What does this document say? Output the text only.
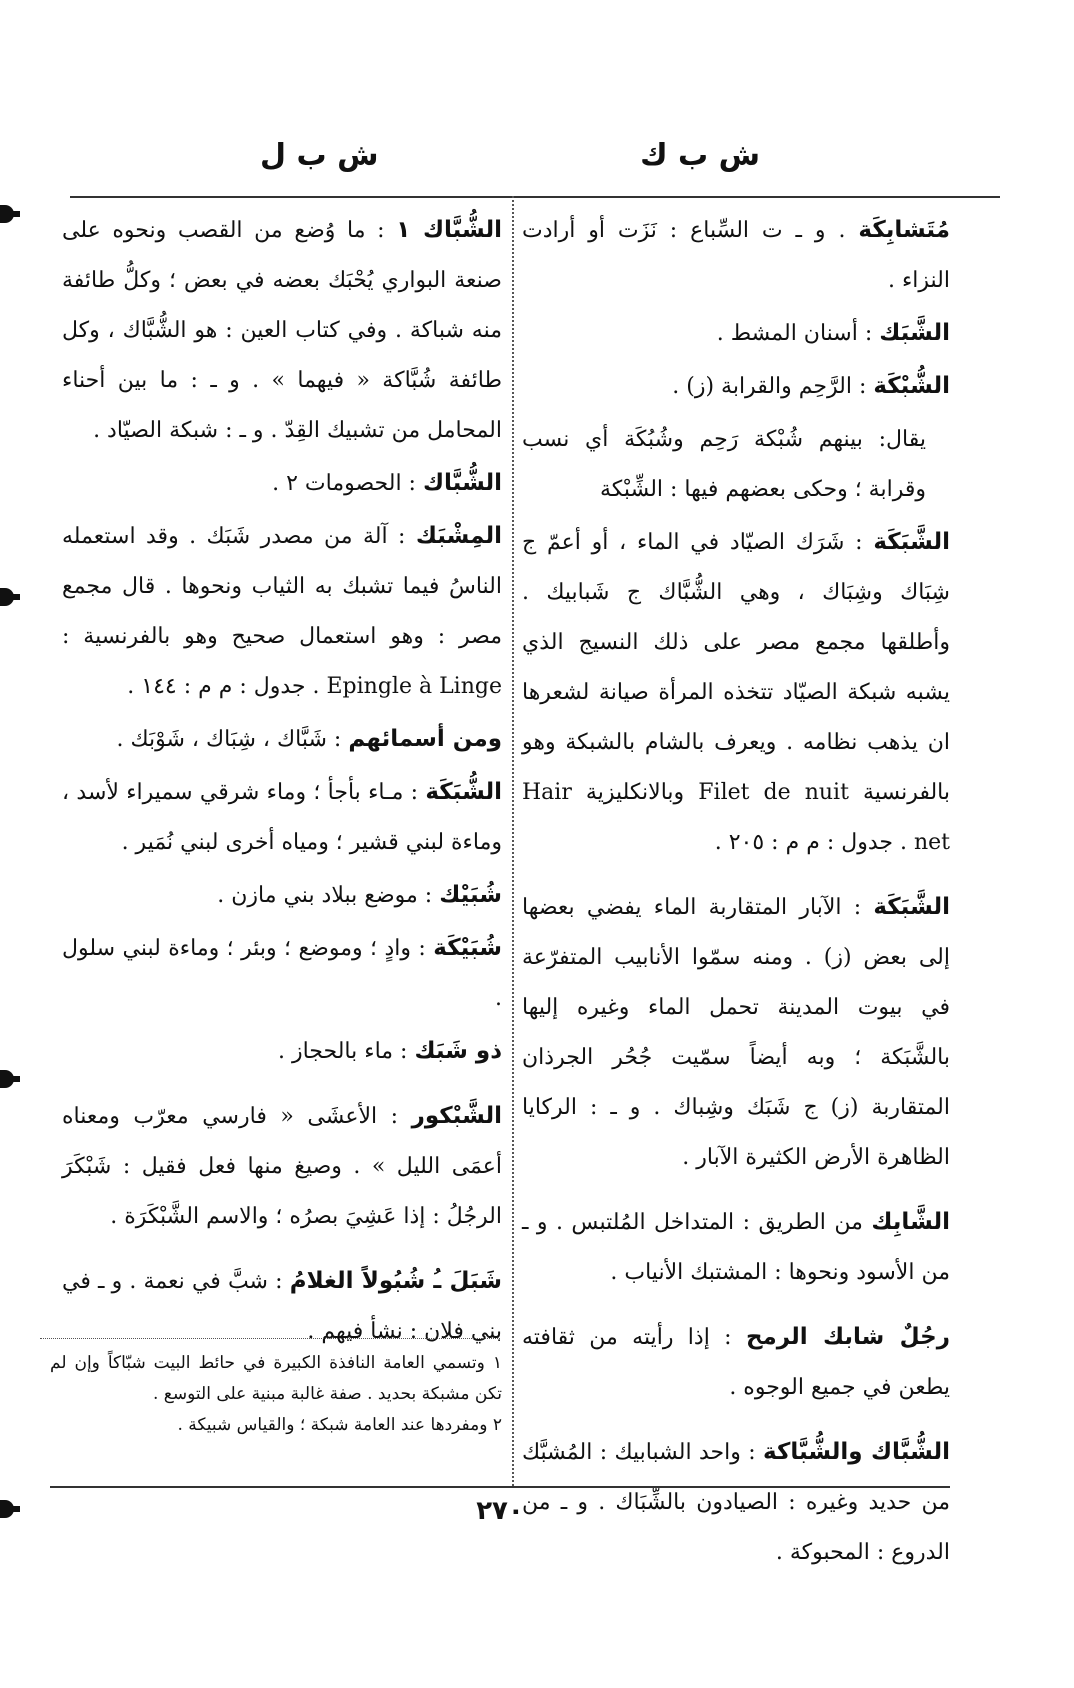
ش ب ك
ش ب ل

مُتَشابِكَة . و ـ ت السِّباع : نَزَت أو أرادت النزاء .

الشَّبَك : أسنان المشط .

الشُّبْكَة : الرَّحِم والقرابة (ز) .

يقال: بينهم شُبْكة رَحِم وشُبُكَة أي نسب وقرابة ؛ وحكى بعضهم فيها : الشِّبْكة

الشَّبَكَة : شَرَك الصيّاد في الماء ، أو أعمّ ج شِبَاك وشِبَاك ، وهي الشُّبَّاك ج شَبابيك . وأطلقها مجمع مصر على ذلك النسيج الذي يشبه شبكة الصيّاد تتخذه المرأة صيانة لشعرها ان يذهب نظامه . ويعرف بالشام بالشبكة وهو بالفرنسية Filet de nuit وبالانكليزية Hair net . جدول : م م : ٢٠٥ .

الشَّبَكَة : الآبار المتقاربة الماء يفضي بعضها إلى بعض (ز) . ومنه سمّوا الأنابيب المتفرّعة في بيوت المدينة تحمل الماء وغيره إليها بالشَّبَكة ؛ وبه أيضاً سمّيت جُحُر الجرذان المتقاربة (ز) ج شَبَك وشِباك . و ـ : الركايا الظاهرة الأرض الكثيرة الآبار .

الشَّابِك من الطريق : المتداخل المُلتبس . و ـ من الأسود ونحوها : المشتبك الأنياب .

رجُلٌ شابك الرمح : إذا رأيته من ثقافته يطعن في جميع الوجوه .

الشُّبَّاك والشُّبَّاكة : واحد الشبابيك : المُشبَّك من حديد وغيره : الصيادون بالشِّبَاك . و ـ من الدروع : المحبوكة .

الشُّبَّاك ١ : ما وُضع من القصب ونحوه على صنعة البواري يُحْبَك بعضه في بعض ؛ وكلُّ طائفة منه شباكة . وفي كتاب العين : هو الشُّبَّاك ، وكل طائفة شُبَّاكة « فيهما » . و ـ : ما بين أحناء المحامل من تشبيك القِدّ . و ـ : شبكة الصيّاد .

الشُّبَّاك : الحصومات ٢ .

المِشْبَك : آلة من مصدر شَبَك . وقد استعمله الناسُ فيما تشبك به الثياب ونحوها . قال مجمع مصر : وهو استعمال صحيح وهو بالفرنسية : Epingle à Linge . جدول : م م : ١٤٤ .

ومن أسمائهم : شَبَّاك ، شِبَاك ، شَوْبَك .

الشُّبَكَة : مـاء بأجأ ؛ وماء شرقي سميراء لأسد ، وماءة لبني قشير ؛ ومياه أخرى لبني نُمَير .

شُبَيْك : موضع ببلاد بني مازن .

شُبَيْكَة : وادٍ ؛ وموضع ؛ وبئر ؛ وماءة لبني سلول .

ذو شَبَك : ماء بالحجاز .

الشَّبْكور : الأعشَى « فارسي معرّب ومعناه أعمَى الليل » . وصيغ منها فعل فقيل : شَبْكَرَ الرجُلُ : إذا عَشِيَ بصرُه ؛ والاسم الشَّبْكَرَة .

شَبَلَ ـُ شُبُولاً الغلامُ : شبَّ في نعمة . و ـ في بني فلان : نشأ فيهم .

١ وتسمي العامة النافذة الكبيرة في حائط البيت شبّاكاً وإن لم تكن مشبكة بحديد . صفة غالبة مبنية على التوسع .

٢ ومفردها عند العامة شبكة ؛ والقياس شبيكة .

٢٧٠
